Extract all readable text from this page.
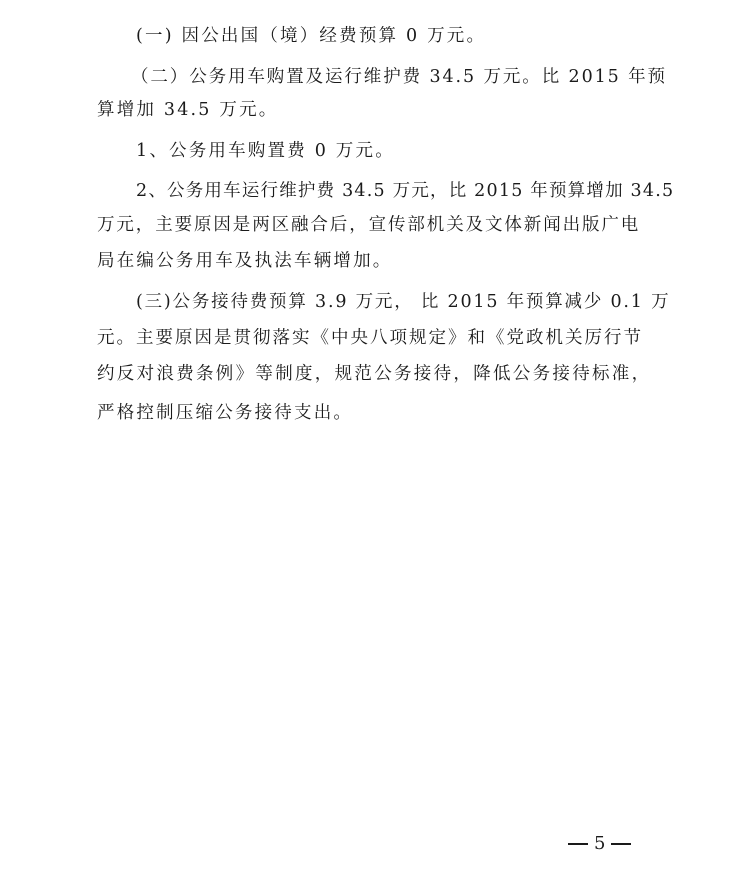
(一) 因公出国（境）经费预算 0 万元。
（二）公务用车购置及运行维护费 34.5 万元。比 2015 年预
算增加 34.5 万元。
1、公务用车购置费 0 万元。
2、公务用车运行维护费 34.5 万元，比 2015 年预算增加 34.5
万元，主要原因是两区融合后，宣传部机关及文体新闻出版广电
局在编公务用车及执法车辆增加。
(三)公务接待费预算 3.9 万元， 比 2015 年预算减少 0.1 万
元。主要原因是贯彻落实《中央八项规定》和《党政机关厉行节
约反对浪费条例》等制度，规范公务接待，降低公务接待标准，
严格控制压缩公务接待支出。
5
